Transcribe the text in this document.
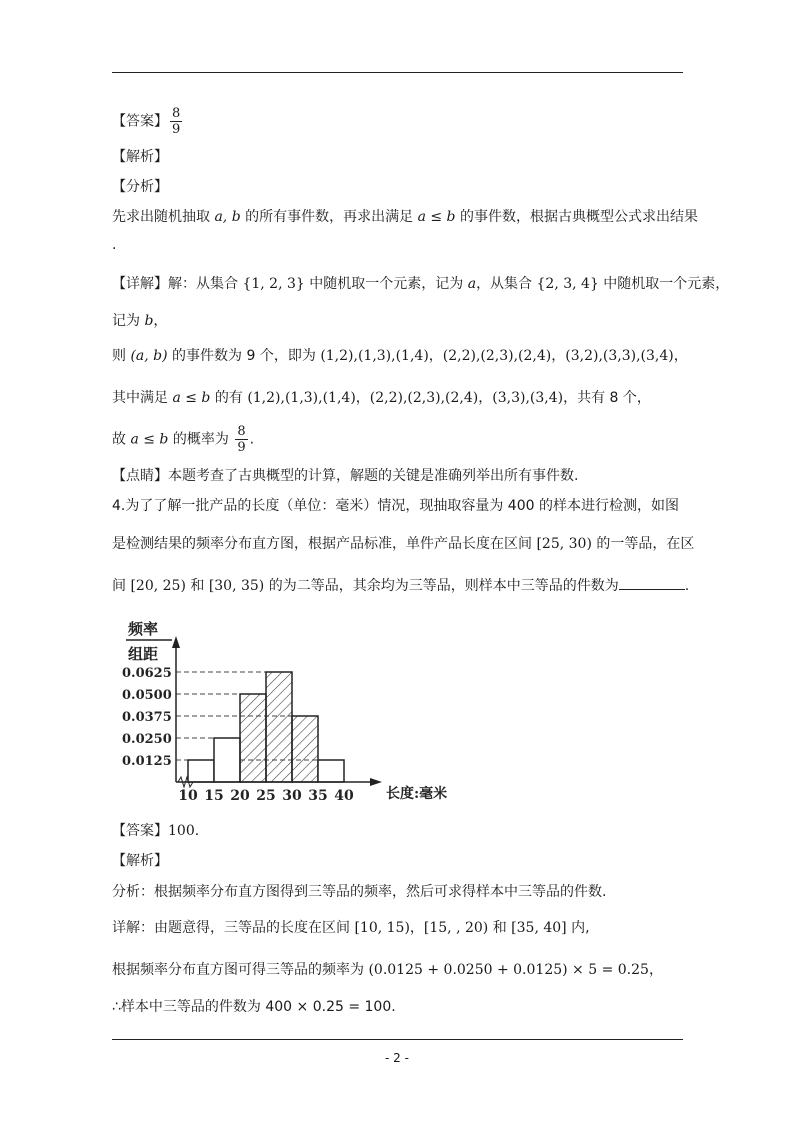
【答案】 $\frac{8}{9}$
【解析】
【分析】
先求出随机抽取 a, b 的所有事件数，再求出满足 a ≤ b 的事件数，根据古典概型公式求出结果
.
【详解】解：从集合 {1, 2, 3} 中随机取一个元素，记为 a，从集合 {2, 3, 4} 中随机取一个元素，
记为 b，
则 (a, b) 的事件数为 9 个，即为 (1,2),(1,3),(1,4)，(2,2),(2,3),(2,4)，(3,2),(3,3),(3,4)，
其中满足 a ≤ b 的有 (1,2),(1,3),(1,4)，(2,2),(2,3),(2,4)，(3,3),(3,4)，共有 8 个，
故 a ≤ b 的概率为 $\frac{8}{9}$ .
【点睛】本题考查了古典概型的计算，解题的关键是准确列举出所有事件数.
4.为了了解一批产品的长度（单位：毫米）情况，现抽取容量为 400 的样本进行检测，如图
是检测结果的频率分布直方图，根据产品标准，单件产品长度在区间 [25, 30) 的一等品，在区
间 [20, 25) 和 [30, 35) 的为二等品，其余均为三等品，则样本中三等品的件数为	.
频率
组距
0.0125
0.0250
0.0375
0.0500
0.0625
10 15 20 25 30 35 40 长度:毫米
【答案】100.
【解析】
分析：根据频率分布直方图得到三等品的频率，然后可求得样本中三等品的件数.
详解：由题意得，三等品的长度在区间 [10, 15)，[15, , 20) 和 [35, 40] 内,
根据频率分布直方图可得三等品的频率为 (0.0125 + 0.0250 + 0.0125) × 5 = 0.25，
∴样本中三等品的件数为 400 × 0.25 = 100.
- 2 -
